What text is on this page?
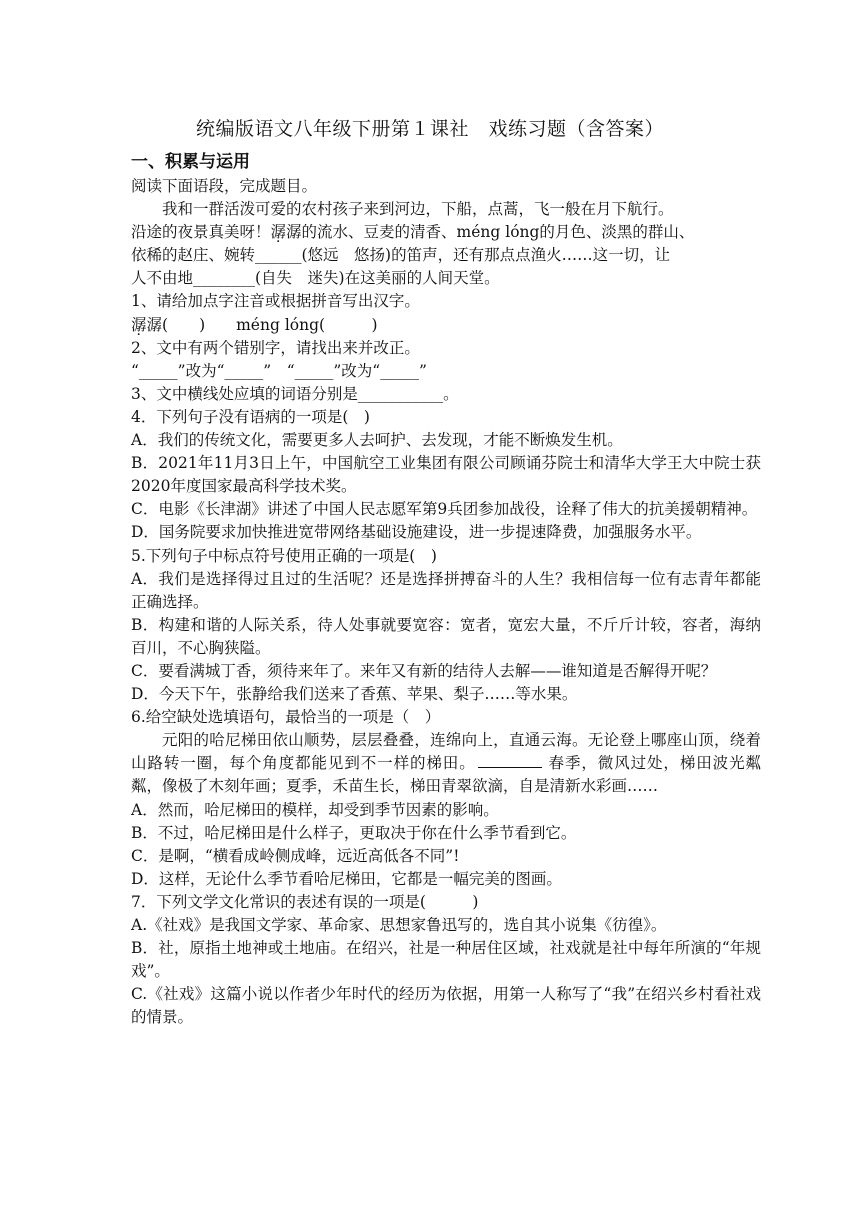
统编版语文八年级下册第１课社　戏练习题（含答案）

一、积累与运用

阅读下面语段，完成题目。

我和一群活泼可爱的农村孩子来到河边，下船，点蒿，飞一般在月下航行。

沿途的夜景真美呀！潺潺的流水、豆麦的清香、méng lóng的月色、淡黑的群山、

依稀的赵庄、婉转______(悠远　悠扬)的笛声，还有那点点渔火……这一切，让

人不由地________(自失　迷失)在这美丽的人间天堂。

1、请给加点字注音或根据拼音写出汉字。

潺潺(　　)　　méng lóng(　　　)

2、文中有两个错别字，请找出来并改正。

“_____”改为“_____”　“_____”改为“_____”

3、文中横线处应填的词语分别是___________。

4．下列句子没有语病的一项是(　)

A．我们的传统文化，需要更多人去呵护、去发现，才能不断焕发生机。

B．2021年11月3日上午，中国航空工业集团有限公司顾诵芬院士和清华大学王大中院士获2020年度国家最高科学技术奖。

C．电影《长津湖》讲述了中国人民志愿军第9兵团参加战役，诠释了伟大的抗美援朝精神。

D．国务院要求加快推进宽带网络基础设施建设，进一步提速降费，加强服务水平。

5.下列句子中标点符号使用正确的一项是(　)

A．我们是选择得过且过的生活呢？还是选择拼搏奋斗的人生？我相信每一位有志青年都能正确选择。

B．构建和谐的人际关系，待人处事就要宽容：宽者，宽宏大量，不斤斤计较，容者，海纳百川，不心胸狭隘。

C．要看满城丁香，须待来年了。来年又有新的结待人去解——谁知道是否解得开呢？

D．今天下午，张静给我们送来了香蕉、苹果、梨子……等水果。

6.给空缺处选填语句，最恰当的一项是（　）

元阳的哈尼梯田依山顺势，层层叠叠，连绵向上，直通云海。无论登上哪座山顶，绕着山路转一圈，每个角度都能见到不一样的梯田。	春季，微风过处，梯田波光粼粼，像极了木刻年画；夏季，禾苗生长，梯田青翠欲滴，自是清新水彩画……

A．然而，哈尼梯田的模样，却受到季节因素的影响。

B．不过，哈尼梯田是什么样子，更取决于你在什么季节看到它。

C．是啊，“横看成岭侧成峰，远近高低各不同”!

D．这样，无论什么季节看哈尼梯田，它都是一幅完美的图画。

7．下列文学文化常识的表述有误的一项是(　　　)

A.《社戏》是我国文学家、革命家、思想家鲁迅写的，选自其小说集《彷徨》。

B．社，原指土地神或土地庙。在绍兴，社是一种居住区域，社戏就是社中每年所演的“年规戏”。

C.《社戏》这篇小说以作者少年时代的经历为依据，用第一人称写了“我”在绍兴乡村看社戏的情景。
